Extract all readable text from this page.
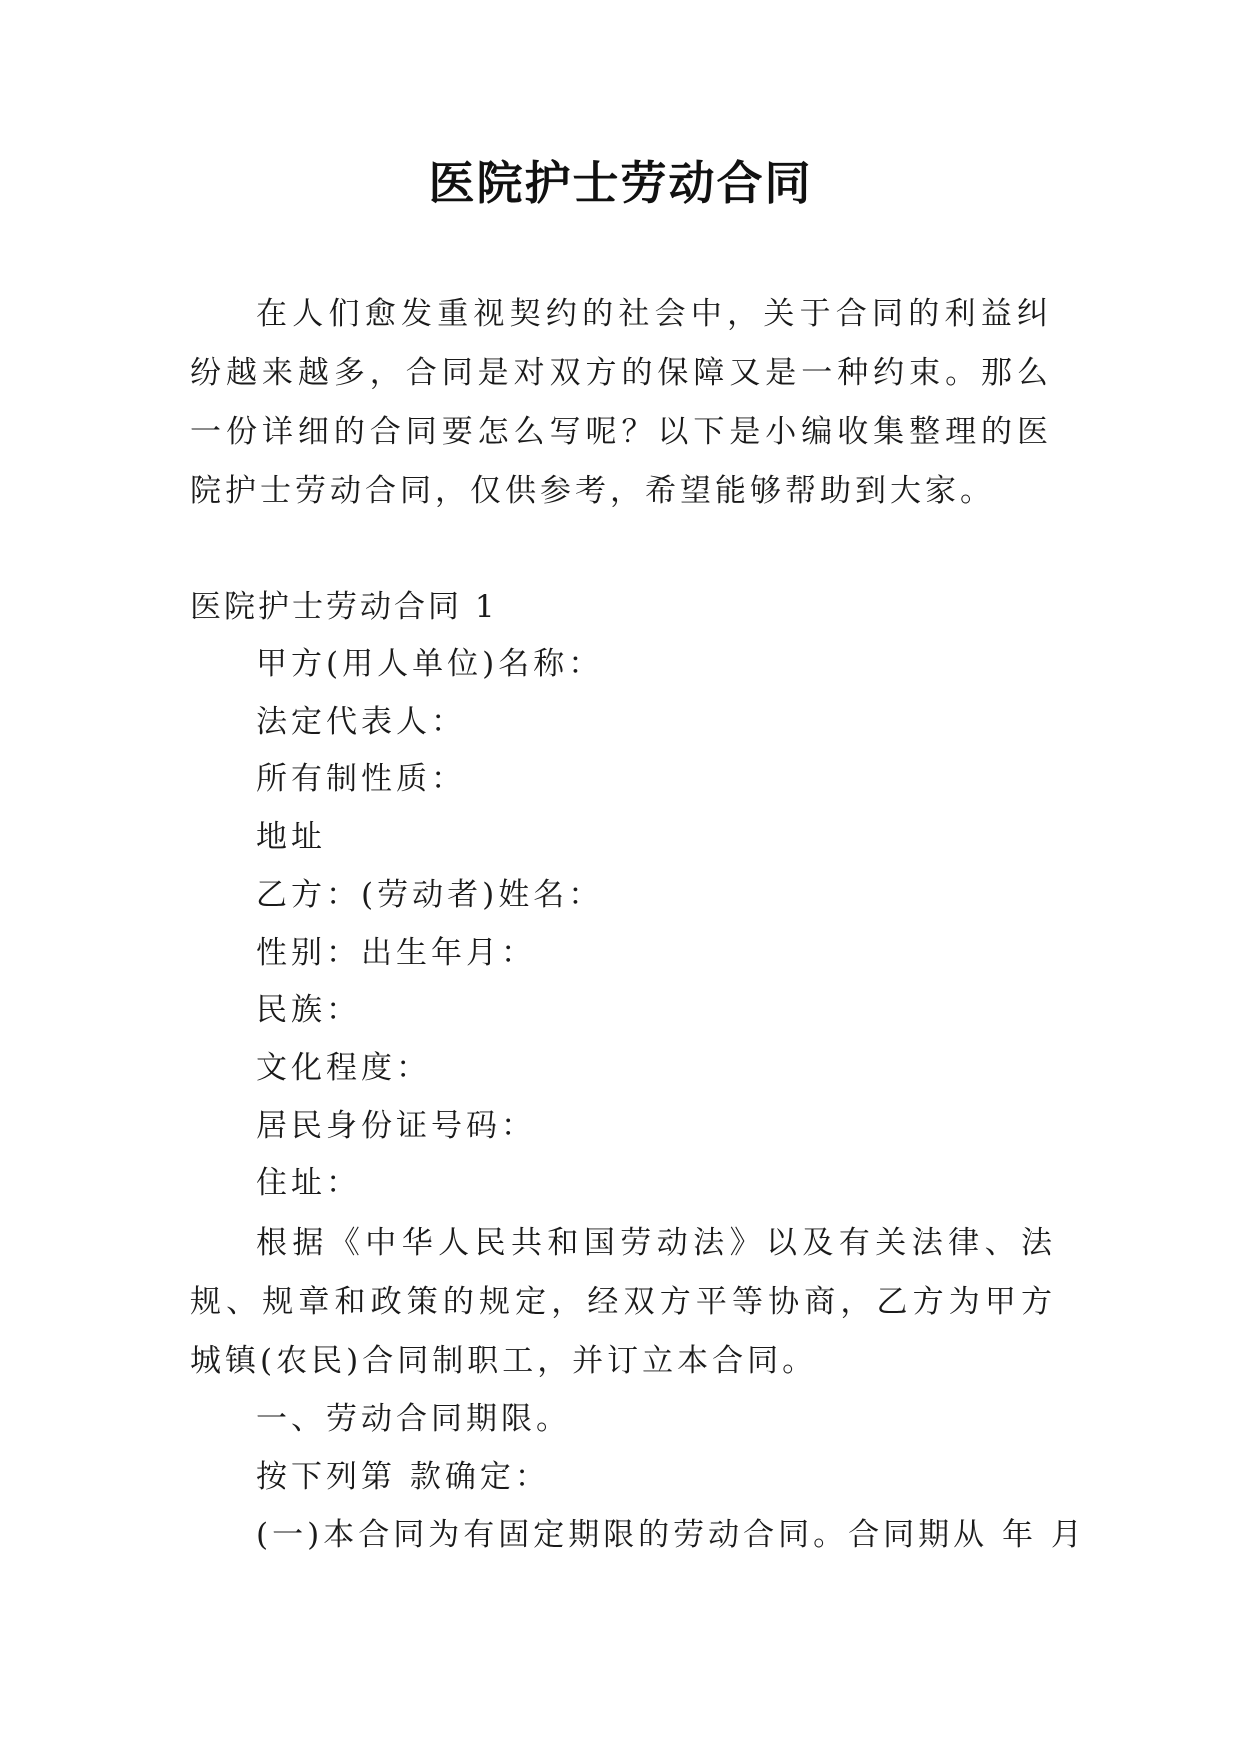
医院护士劳动合同

在人们愈发重视契约的社会中，关于合同的利益纠纷越来越多，合同是对双方的保障又是一种约束。那么一份详细的合同要怎么写呢？以下是小编收集整理的医院护士劳动合同，仅供参考，希望能够帮助到大家。

医院护士劳动合同 1

甲方(用人单位)名称：
法定代表人：
所有制性质：
地址
乙方：(劳动者)姓名：
性别：出生年月：
民族：
文化程度：
居民身份证号码：
住址：

根据《中华人民共和国劳动法》以及有关法律、法规、规章和政策的规定，经双方平等协商，乙方为甲方城镇(农民)合同制职工，并订立本合同。

一、劳动合同期限。

按下列第 款确定：

(一)本合同为有固定期限的劳动合同。合同期从 年 月
